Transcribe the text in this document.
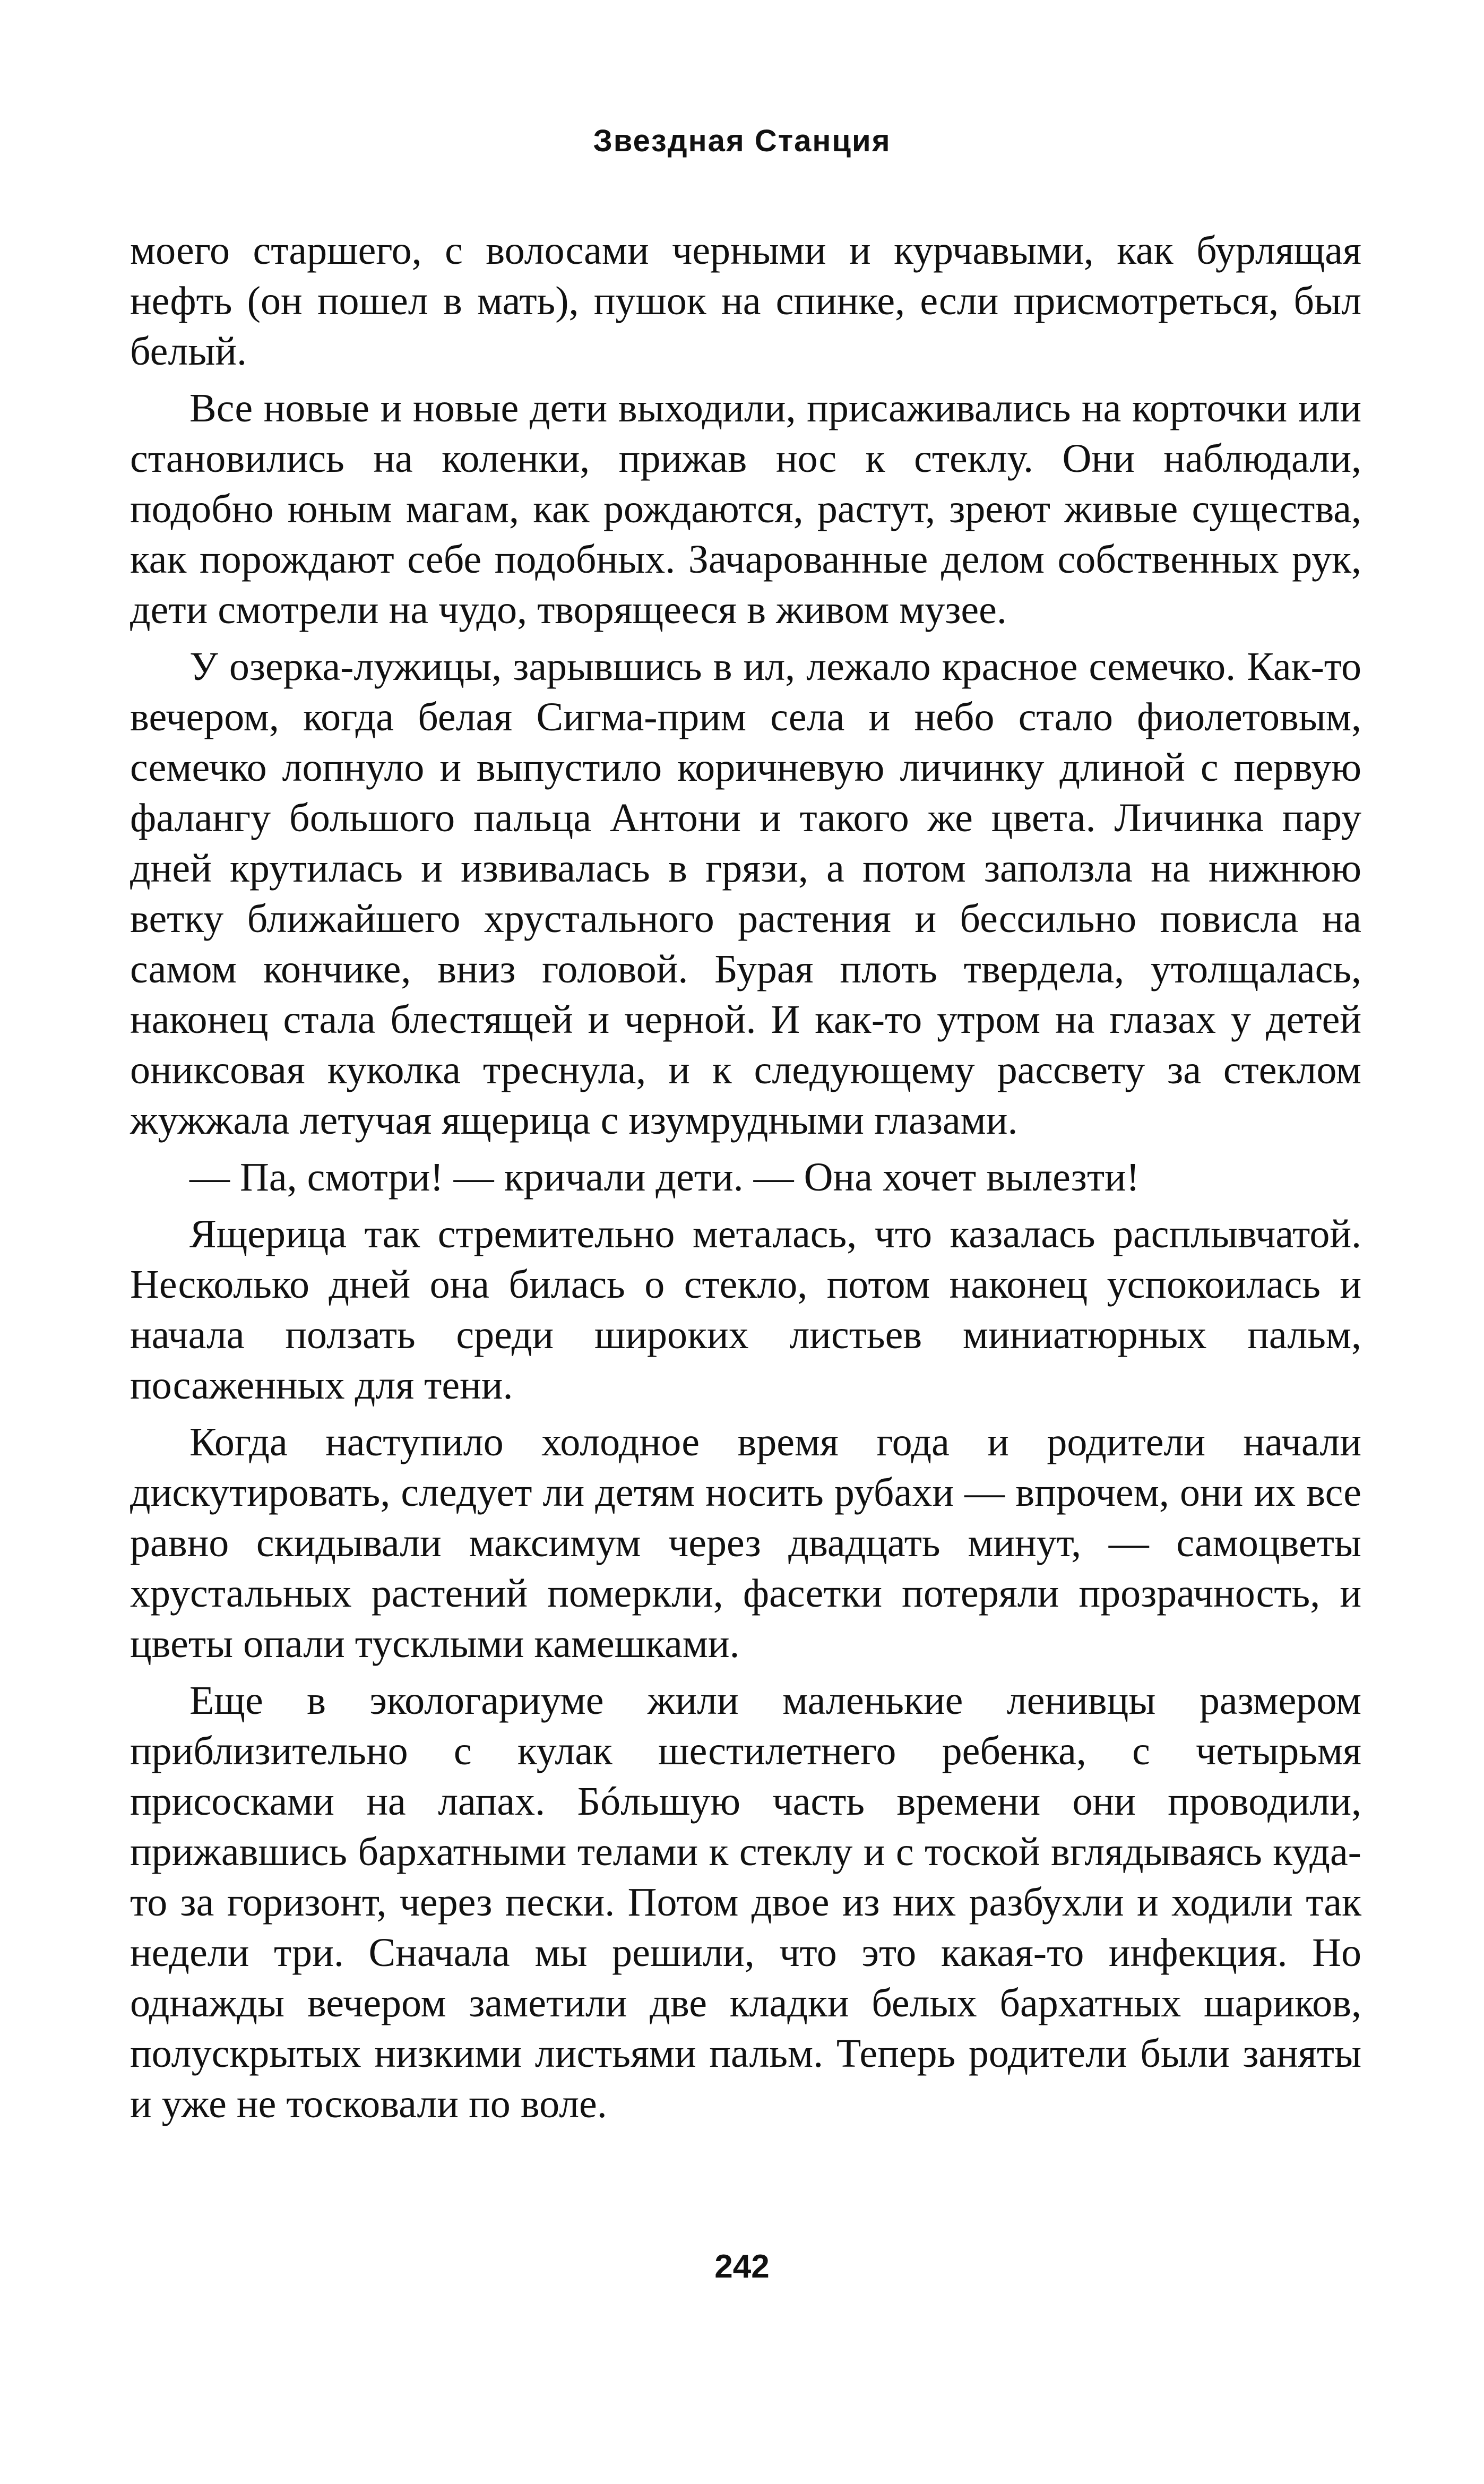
Звездная Станция

моего старшего, с волосами черными и курчавыми, как бурлящая нефть (он пошел в мать), пушок на спинке, если присмотреться, был белый.

Все новые и новые дети выходили, присаживались на корточки или становились на коленки, прижав нос к стеклу. Они наблюдали, подобно юным магам, как рождаются, растут, зреют живые существа, как порождают себе подобных. Зачарованные делом собственных рук, дети смотрели на чудо, творящееся в живом музее.

У озерка-лужицы, зарывшись в ил, лежало красное семечко. Как-то вечером, когда белая Сигма-прим села и небо стало фиолетовым, семечко лопнуло и выпустило коричневую личинку длиной с первую фалангу большого пальца Антони и такого же цвета. Личинка пару дней крутилась и извивалась в грязи, а потом заползла на нижнюю ветку ближайшего хрустального растения и бессильно повисла на самом кончике, вниз головой. Бурая плоть твердела, утолщалась, наконец стала блестящей и черной. И как-то утром на глазах у детей ониксовая куколка треснула, и к следующему рассвету за стеклом жужжала летучая ящерица с изумрудными глазами.

— Па, смотри! — кричали дети. — Она хочет вылезти!

Ящерица так стремительно металась, что казалась расплывчатой. Несколько дней она билась о стекло, потом наконец успокоилась и начала ползать среди широких листьев миниатюрных пальм, посаженных для тени.

Когда наступило холодное время года и родители начали дискутировать, следует ли детям носить рубахи — впрочем, они их все равно скидывали максимум через двадцать минут, — самоцветы хрустальных растений померкли, фасетки потеряли прозрачность, и цветы опали тусклыми камешками.

Еще в экологариуме жили маленькие ленивцы размером приблизительно с кулак шестилетнего ребенка, с четырьмя присосками на лапах. Бóльшую часть времени они проводили, прижавшись бархатными телами к стеклу и с тоской вглядываясь куда-то за горизонт, через пески. Потом двое из них разбухли и ходили так недели три. Сначала мы решили, что это какая-то инфекция. Но однажды вечером заметили две кладки белых бархатных шариков, полускрытых низкими листьями пальм. Теперь родители были заняты и уже не тосковали по воле.

242
